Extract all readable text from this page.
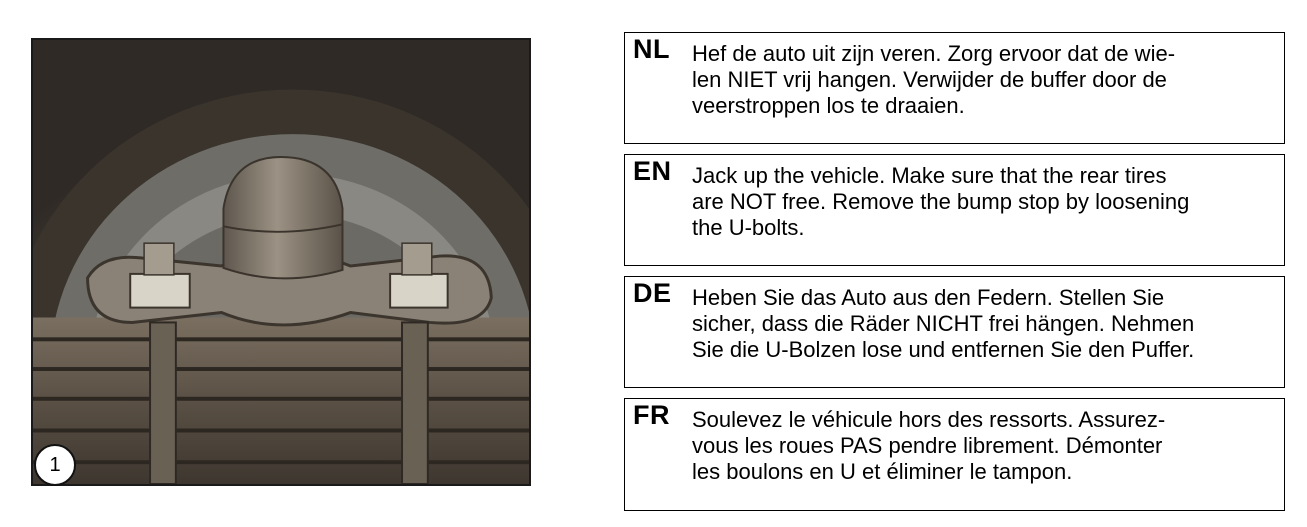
1
NL Hef de auto uit zijn veren. Zorg ervoor dat de wie-
len NIET vrij hangen. Verwijder de buffer door de
veerstroppen los te draaien.
EN Jack up the vehicle. Make sure that the rear tires
are NOT free. Remove the bump stop by loosening
the U-bolts.
DE Heben Sie das Auto aus den Federn. Stellen Sie
sicher, dass die Räder NICHT frei hängen. Nehmen
Sie die U-Bolzen lose und entfernen Sie den Puffer.
FR Soulevez le véhicule hors des ressorts. Assurez-
vous les roues PAS pendre librement. Démonter
les boulons en U et éliminer le tampon.
